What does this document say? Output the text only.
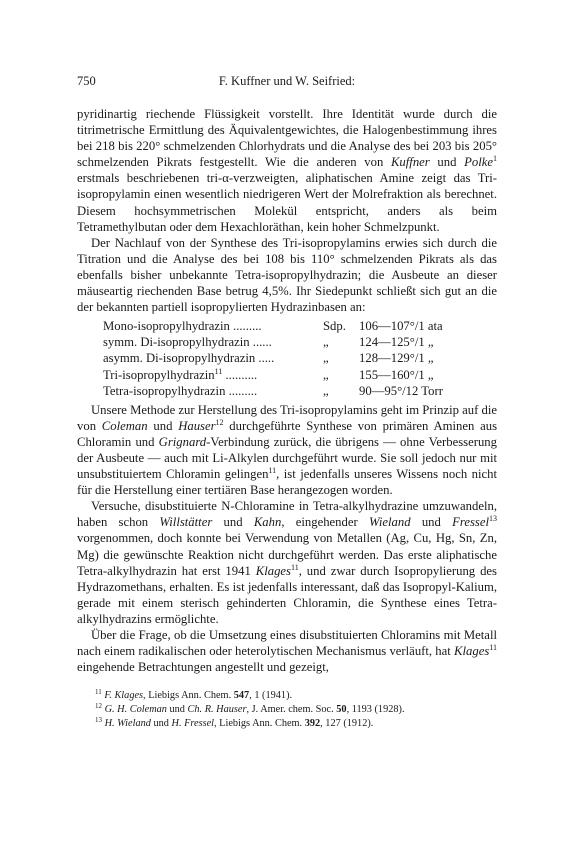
750	F. Kuffner und W. Seifried:

pyridinartig riechende Flüssigkeit vorstellt. Ihre Identität wurde durch die titrimetrische Ermittlung des Äquivalentgewichtes, die Halogenbestimmung ihres bei 218 bis 220° schmelzenden Chlorhydrats und die Analyse des bei 203 bis 205° schmelzenden Pikrats festgestellt. Wie die anderen von Kuffner und Polke$^1$ erstmals beschriebenen tri-α-verzweigten, aliphatischen Amine zeigt das Tri-isopropylamin einen wesentlich niedrigeren Wert der Molrefraktion als berechnet. Diesem hochsymmetrischen Molekül entspricht, anders als beim Tetramethylbutan oder dem Hexachloräthan, kein hoher Schmelzpunkt.

Der Nachlauf von der Synthese des Tri-isopropylamins erwies sich durch die Titration und die Analyse des bei 108 bis 110° schmelzenden Pikrats als das ebenfalls bisher unbekannte Tetra-isopropylhydrazin; die Ausbeute an dieser mäuseartig riechenden Base betrug 4,5%. Ihr Siedepunkt schließt sich gut an die der bekannten partiell isopropylierten Hydrazinbasen an:

Mono-isopropylhydrazin .........	Sdp.	106—107°/1 ata
symm. Di-isopropylhydrazin ......	„	124—125°/1 „
asymm. Di-isopropylhydrazin .....	„	128—129°/1 „
Tri-isopropylhydrazin$^{11}$ ..........	„	155—160°/1 „
Tetra-isopropylhydrazin .........	„	90—95°/12 Torr

Unsere Methode zur Herstellung des Tri-isopropylamins geht im Prinzip auf die von Coleman und Hauser$^{12}$ durchgeführte Synthese von primären Aminen aus Chloramin und Grignard-Verbindung zurück, die übrigens — ohne Verbesserung der Ausbeute — auch mit Li-Alkylen durchgeführt wurde. Sie soll jedoch nur mit unsubstituiertem Chloramin gelingen$^{11}$, ist jedenfalls unseres Wissens noch nicht für die Herstellung einer tertiären Base herangezogen worden.

Versuche, disubstituierte N-Chloramine in Tetra-alkylhydrazine umzuwandeln, haben schon Willstätter und Kahn, eingehender Wieland und Fressel$^{13}$ vorgenommen, doch konnte bei Verwendung von Metallen (Ag, Cu, Hg, Sn, Zn, Mg) die gewünschte Reaktion nicht durchgeführt werden. Das erste aliphatische Tetra-alkylhydrazin hat erst 1941 Klages$^{11}$, und zwar durch Isopropylierung des Hydrazomethans, erhalten. Es ist jedenfalls interessant, daß das Isopropyl-Kalium, gerade mit einem sterisch gehinderten Chloramin, die Synthese eines Tetra-alkylhydrazins ermöglichte.

Über die Frage, ob die Umsetzung eines disubstituierten Chloramins mit Metall nach einem radikalischen oder heterolytischen Mechanismus verläuft, hat Klages$^{11}$ eingehende Betrachtungen angestellt und gezeigt,

$^{11}$ F. Klages, Liebigs Ann. Chem. 547, 1 (1941).
$^{12}$ G. H. Coleman und Ch. R. Hauser, J. Amer. chem. Soc. 50, 1193 (1928).
$^{13}$ H. Wieland und H. Fressel, Liebigs Ann. Chem. 392, 127 (1912).
